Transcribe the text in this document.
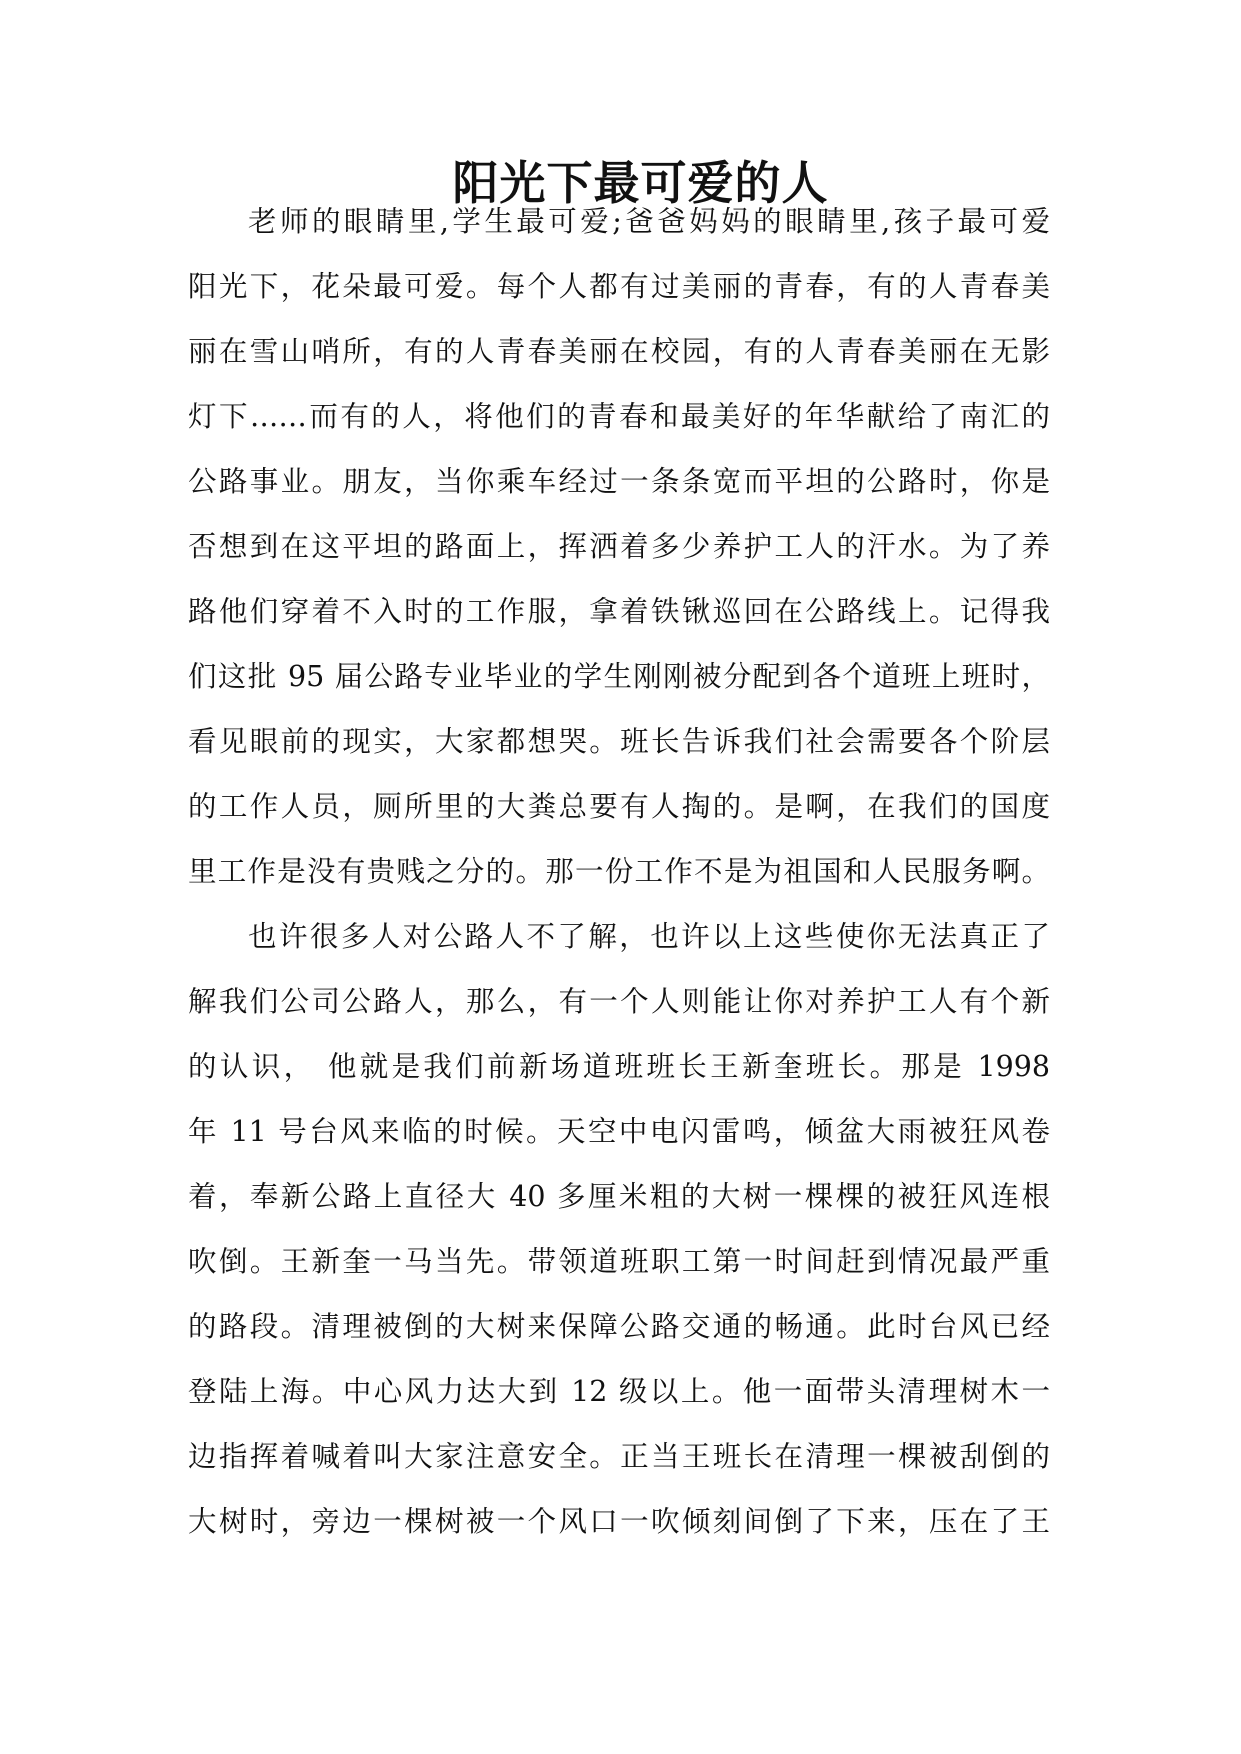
阳光下最可爱的人
老师的眼睛里,学生最可爱;爸爸妈妈的眼睛里,孩子最可爱
阳光下，花朵最可爱。每个人都有过美丽的青春，有的人青春美
丽在雪山哨所，有的人青春美丽在校园，有的人青春美丽在无影
灯下……而有的人，将他们的青春和最美好的年华献给了南汇的
公路事业。朋友，当你乘车经过一条条宽而平坦的公路时，你是
否想到在这平坦的路面上，挥洒着多少养护工人的汗水。为了养
路他们穿着不入时的工作服，拿着铁锹巡回在公路线上。记得我
们这批 95 届公路专业毕业的学生刚刚被分配到各个道班上班时，
看见眼前的现实，大家都想哭。班长告诉我们社会需要各个阶层
的工作人员，厕所里的大粪总要有人掏的。是啊，在我们的国度
里工作是没有贵贱之分的。那一份工作不是为祖国和人民服务啊。
也许很多人对公路人不了解，也许以上这些使你无法真正了
解我们公司公路人，那么，有一个人则能让你对养护工人有个新
的认识， 他就是我们前新场道班班长王新奎班长。那是 1998
年 11 号台风来临的时候。天空中电闪雷鸣，倾盆大雨被狂风卷
着，奉新公路上直径大 40 多厘米粗的大树一棵棵的被狂风连根
吹倒。王新奎一马当先。带领道班职工第一时间赶到情况最严重
的路段。清理被倒的大树来保障公路交通的畅通。此时台风已经
登陆上海。中心风力达大到 12 级以上。他一面带头清理树木一
边指挥着喊着叫大家注意安全。正当王班长在清理一棵被刮倒的
大树时，旁边一棵树被一个风口一吹倾刻间倒了下来，压在了王
